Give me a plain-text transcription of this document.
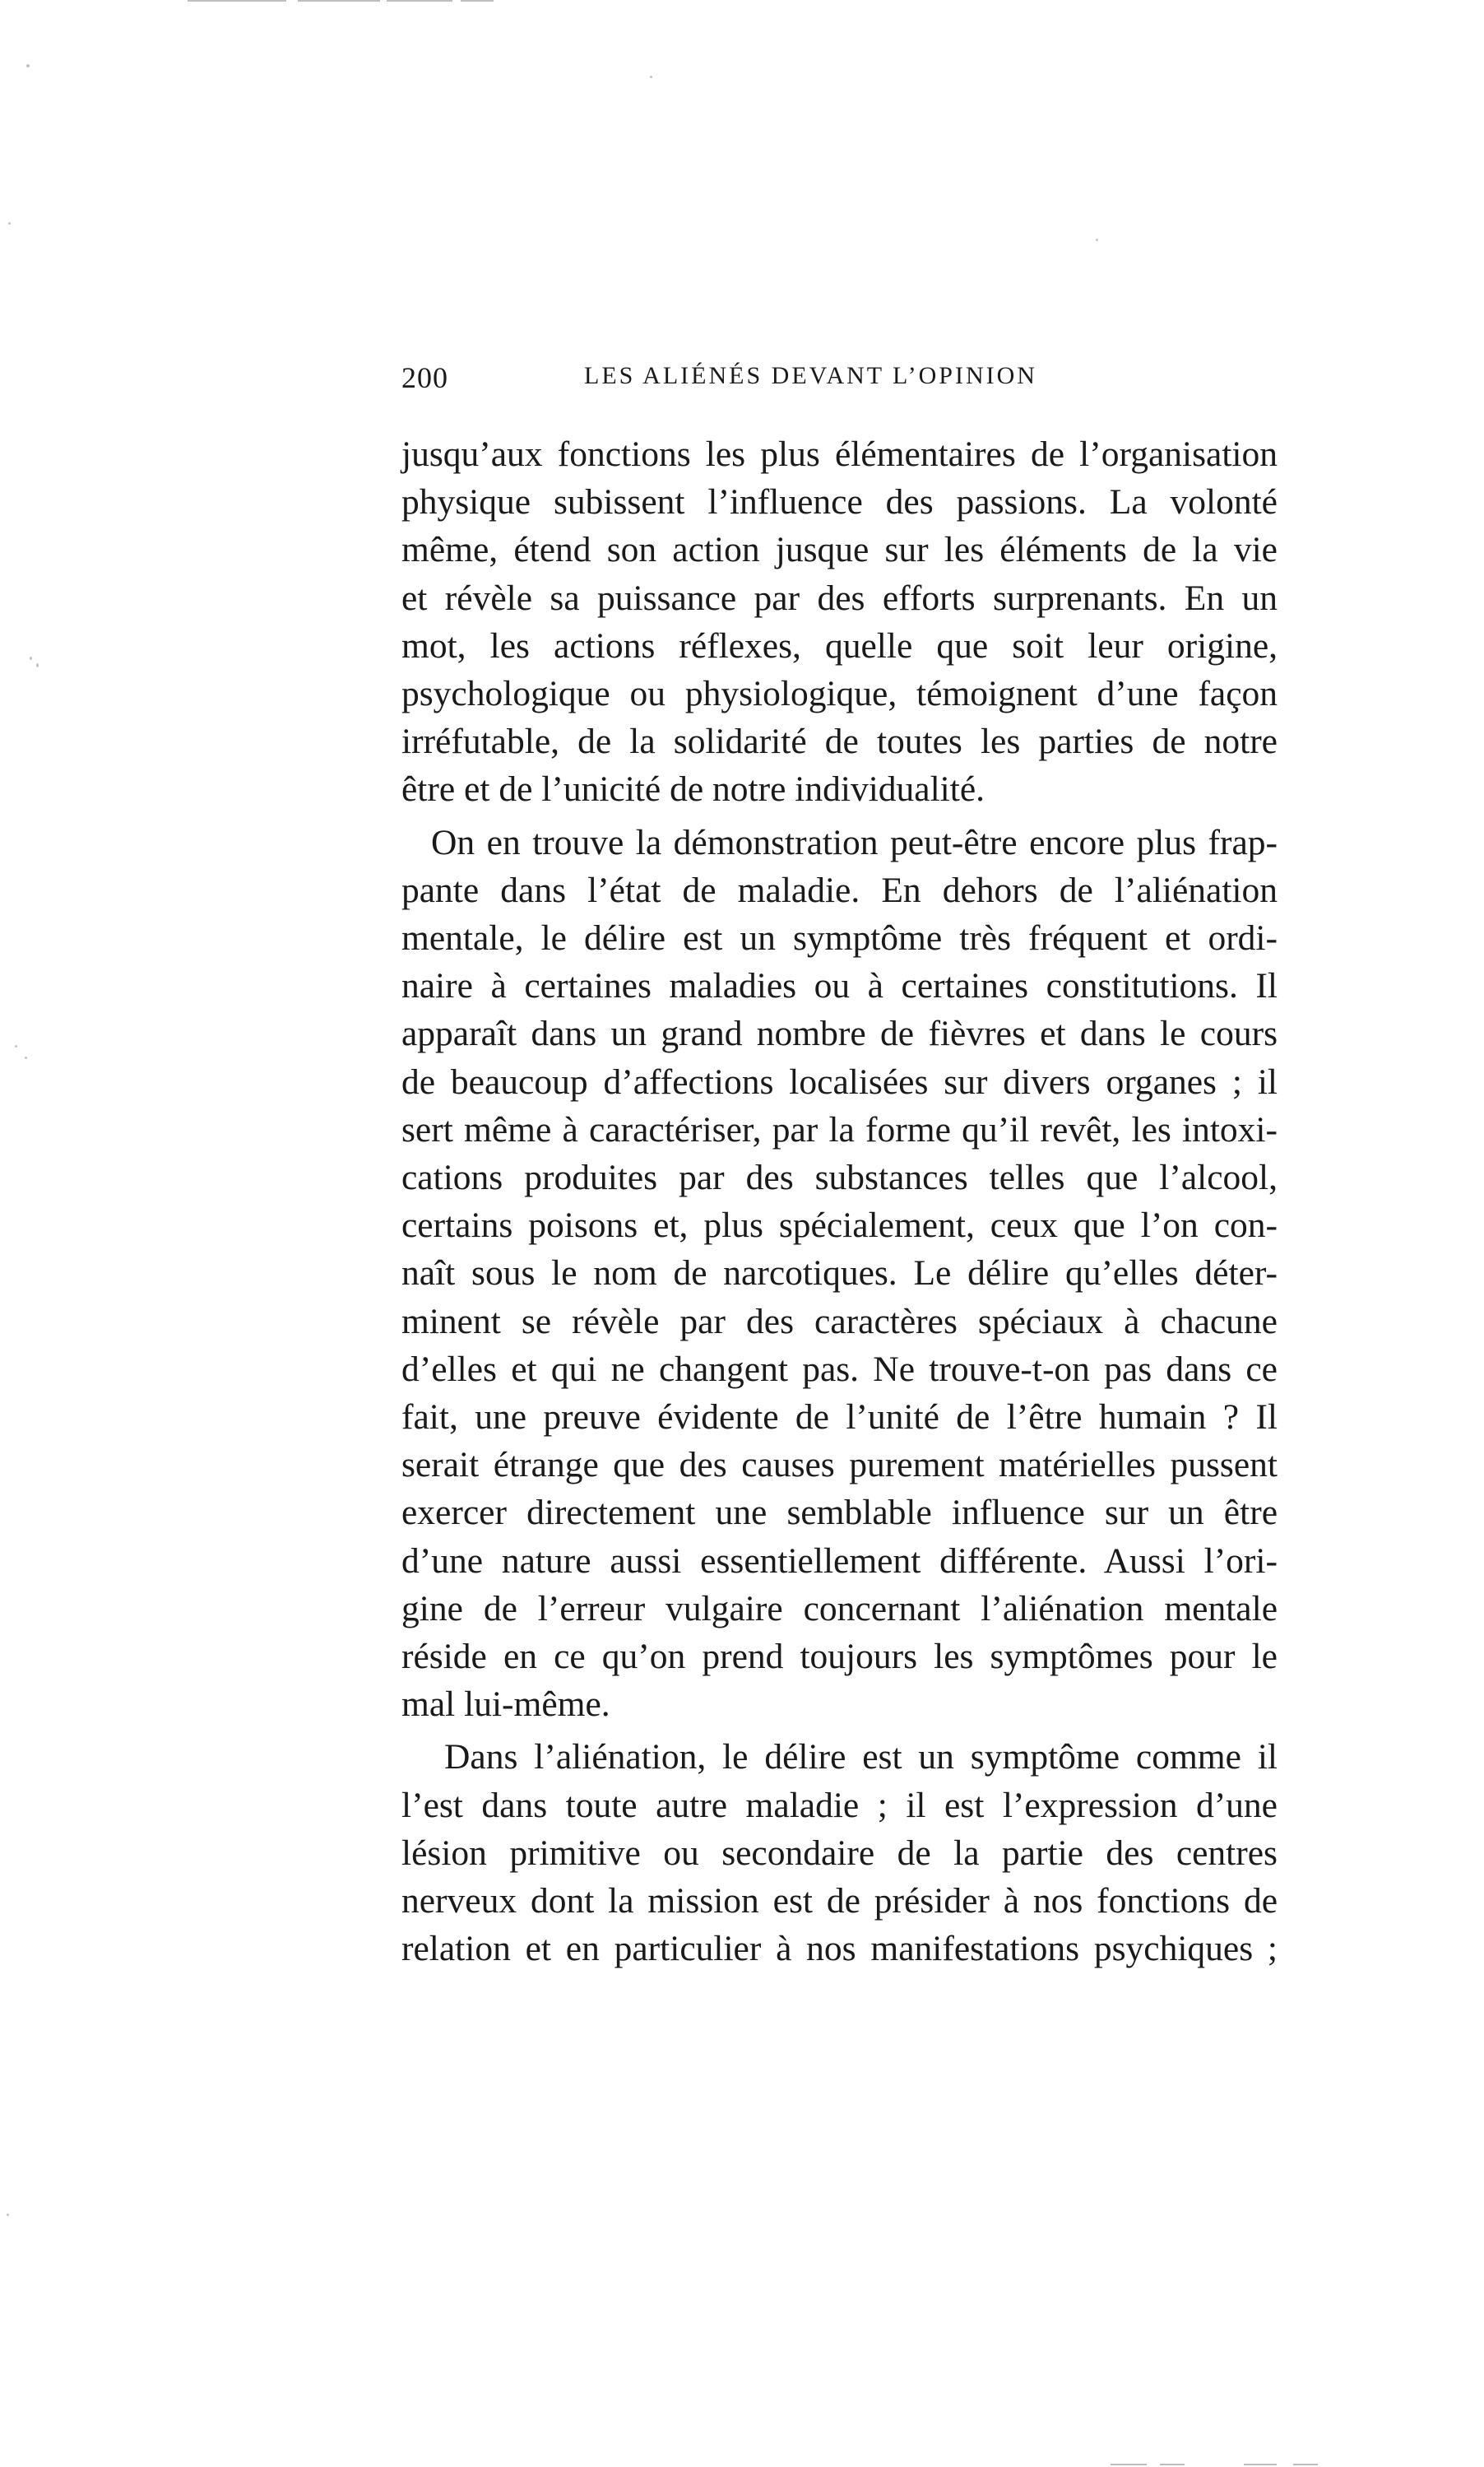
200	LES ALIÉNÉS DEVANT L’OPINION
jusqu’aux fonctions les plus élémentaires de l’organisation
physique subissent l’influence des passions. La volonté
même, étend son action jusque sur les éléments de la vie
et révèle sa puissance par des efforts surprenants. En un
mot, les actions réflexes, quelle que soit leur origine,
psychologique ou physiologique, témoignent d’une façon
irréfutable, de la solidarité de toutes les parties de notre
être et de l’unicité de notre individualité.
On en trouve la démonstration peut-être encore plus frap-
pante dans l’état de maladie. En dehors de l’aliénation
mentale, le délire est un symptôme très fréquent et ordi-
naire à certaines maladies ou à certaines constitutions. Il
apparaît dans un grand nombre de fièvres et dans le cours
de beaucoup d’affections localisées sur divers organes ; il
sert même à caractériser, par la forme qu’il revêt, les intoxi-
cations produites par des substances telles que l’alcool,
certains poisons et, plus spécialement, ceux que l’on con-
naît sous le nom de narcotiques. Le délire qu’elles déter-
minent se révèle par des caractères spéciaux à chacune
d’elles et qui ne changent pas. Ne trouve-t-on pas dans ce
fait, une preuve évidente de l’unité de l’être humain ? Il
serait étrange que des causes purement matérielles pussent
exercer directement une semblable influence sur un être
d’une nature aussi essentiellement différente. Aussi l’ori-
gine de l’erreur vulgaire concernant l’aliénation mentale
réside en ce qu’on prend toujours les symptômes pour le
mal lui-même.
Dans l’aliénation, le délire est un symptôme comme il
l’est dans toute autre maladie ; il est l’expression d’une
lésion primitive ou secondaire de la partie des centres
nerveux dont la mission est de présider à nos fonctions de
relation et en particulier à nos manifestations psychiques ;
